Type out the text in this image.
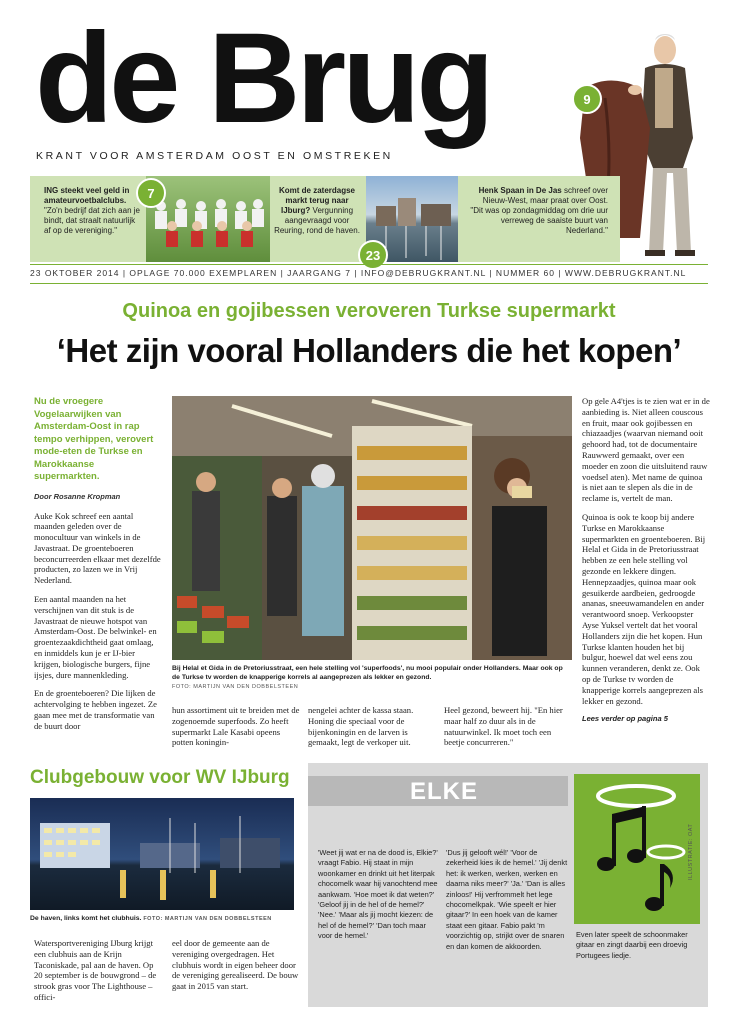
de Brug
KRANT VOOR AMSTERDAM OOST EN OMSTREKEN
9
ING steekt veel geld in amateurvoetbalclubs. "Zo'n bedrijf dat zich aan je bindt, dat straalt natuurlijk af op de vereniging."
7	Komt de zaterdagse markt terug naar IJburg? Vergunning aangevraagd voor Reuring, rond de haven.
23
Henk Spaan in De Jas schreef over Nieuw-West, maar praat over Oost. "Dit was op zondagmiddag om drie uur verreweg de saaiste buurt van Nederland."
23 OKTOBER 2014 | OPLAGE 70.000 EXEMPLAREN | JAARGANG 7 | INFO@DEBRUGKRANT.NL | NUMMER 60 | WWW.DEBRUGKRANT.NL
Quinoa en gojibessen veroveren Turkse supermarkt
‘Het zijn vooral Hollanders die het kopen’
Nu de vroegere Vogelaarwijken van Amsterdam-Oost in rap tempo verhippen, verovert mode-eten de Turkse en Marokkaanse supermarkten.
Door Rosanne Kropman

Auke Kok schreef een aantal maanden geleden over de monocultuur van winkels in de Javastraat. De groenteboeren beconcurreerden elkaar met dezelfde producten, zo lazen we in Vrij Nederland.

Een aantal maanden na het verschijnen van dit stuk is de Javastraat de nieuwe hotspot van Amsterdam-Oost. De belwinkel- en groentezaakdichtheid gaat omlaag, en inmiddels kun je er IJ-bier krijgen, biologische burgers, fijne ijsjes, dure mannenkleding.

En de groenteboeren? Die lijken de achtervolging te hebben ingezet. Ze gaan mee met de transformatie van de buurt door

Bij Helal et Gida in de Pretoriusstraat, een hele stelling vol 'superfoods', nu mooi populair onder Hollanders. Maar ook op de Turkse tv worden de knapperige korrels al aangeprezen als lekker en gezond.
FOTO: MARTIJN VAN DEN DOBBELSTEEN
hun assortiment uit te breiden met de zogenoemde superfoods. Zo heeft supermarkt Lale Kasabi opeens potten koningin-
nengelei achter de kassa staan. Honing die speciaal voor de bijenkoningin en de larven is gemaakt, legt de verkoper uit.
Heel gezond, beweert hij. "En hier maar half zo duur als in de natuurwinkel. Ik moet toch een beetje concurreren."

Op gele A4'tjes is te zien wat er in de aanbieding is. Niet alleen couscous en fruit, maar ook gojibessen en chiazaadjes (waarvan niemand ooit gehoord had, tot de documentaire Rauwwerd gemaakt, over een moeder en zoon die uitsluitend rauw voedsel aten). Met name de quinoa is niet aan te slepen als die in de reclame is, vertelt de man.

Quinoa is ook te koop bij andere Turkse en Marokkaanse supermarkten en groenteboeren. Bij Helal et Gida in de Pretoriusstraat hebben ze een hele stelling vol gezonde en lekkere dingen. Hennepzaadjes, quinoa maar ook gesuikerde aardbeien, gedroogde ananas, sneeuwamandelen en ander verantwoord snoep. Verkoopster Ayse Yuksel vertelt dat het vooral Hollanders zijn die het kopen. Hun Turkse klanten houden het bij bulgur, hoewel dat wel eens zou kunnen veranderen, denkt ze. Ook op de Turkse tv worden de knapperige korrels aangeprezen als lekker en gezond.

Lees verder op pagina 5
Clubgebouw voor WV IJburg
De haven, links komt het clubhuis. FOTO: MARTIJN VAN DEN DOBBELSTEEN
Watersportvereniging IJburg krijgt een clubhuis aan de Krijn Taconiskade, pal aan de haven. Op 20 september is de bouwgrond – de strook gras voor The Lighthouse – offici-
eel door de gemeente aan de vereniging overgedragen. Het clubhuis wordt in eigen beheer door de vereniging gerealiseerd. De bouw gaat in 2015 van start.
ELKE
'Weet jij wat er na de dood is, Elkie?' vraagt Fabio. Hij staat in mijn woonkamer en drinkt uit het literpak chocomelk waar hij vanochtend mee aankwam. 'Hoe moet ik dat weten?' 'Geloof jij in de hel of de hemel?' 'Nee.' 'Maar als jij mocht kiezen: de hel of de hemel?' 'Dan toch maar voor de hemel.'
'Dus jij gelooft wél!' 'Voor de zekerheid kies ik de hemel.' 'Jij denkt het: ik werken, werken, werken en daarna niks meer?' 'Ja.' 'Dan is alles zinloos!' Hij verfrommelt het lege chocomelkpak. 'Wie speelt er hier gitaar?' In een hoek van de kamer staat een gitaar. Fabio pakt 'm voorzichtig op, strijkt over de snaren en dan komen de akkoorden.
ILLUSTRATIE: OAT
Even later speelt de schoonmaker gitaar en zingt daarbij een droevig Portugees liedje.
